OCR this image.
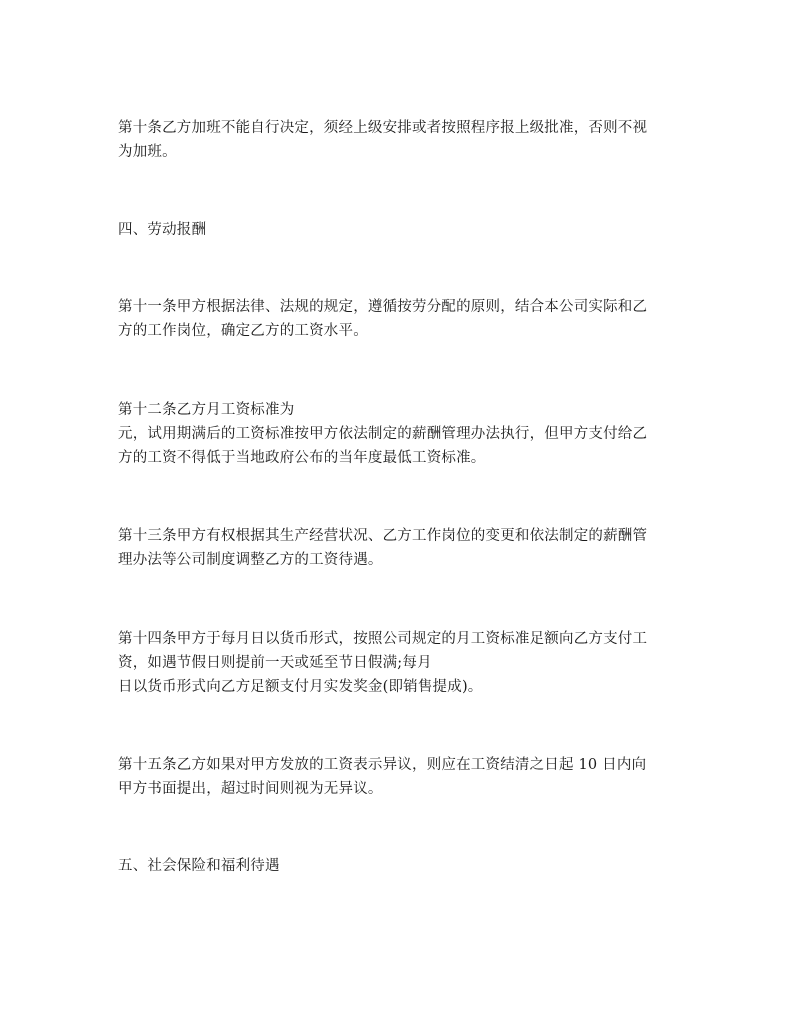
第十条乙方加班不能自行决定，须经上级安排或者按照程序报上级批准，否则不视
为加班。
四、劳动报酬
第十一条甲方根据法律、法规的规定，遵循按劳分配的原则，结合本公司实际和乙
方的工作岗位，确定乙方的工资水平。
第十二条乙方月工资标准为
元，试用期满后的工资标准按甲方依法制定的薪酬管理办法执行，但甲方支付给乙
方的工资不得低于当地政府公布的当年度最低工资标准。
第十三条甲方有权根据其生产经营状况、乙方工作岗位的变更和依法制定的薪酬管
理办法等公司制度调整乙方的工资待遇。
第十四条甲方于每月日以货币形式，按照公司规定的月工资标准足额向乙方支付工
资，如遇节假日则提前一天或延至节日假满;每月
日以货币形式向乙方足额支付月实发奖金(即销售提成)。
第十五条乙方如果对甲方发放的工资表示异议，则应在工资结清之日起 10 日内向
甲方书面提出，超过时间则视为无异议。
五、社会保险和福利待遇
